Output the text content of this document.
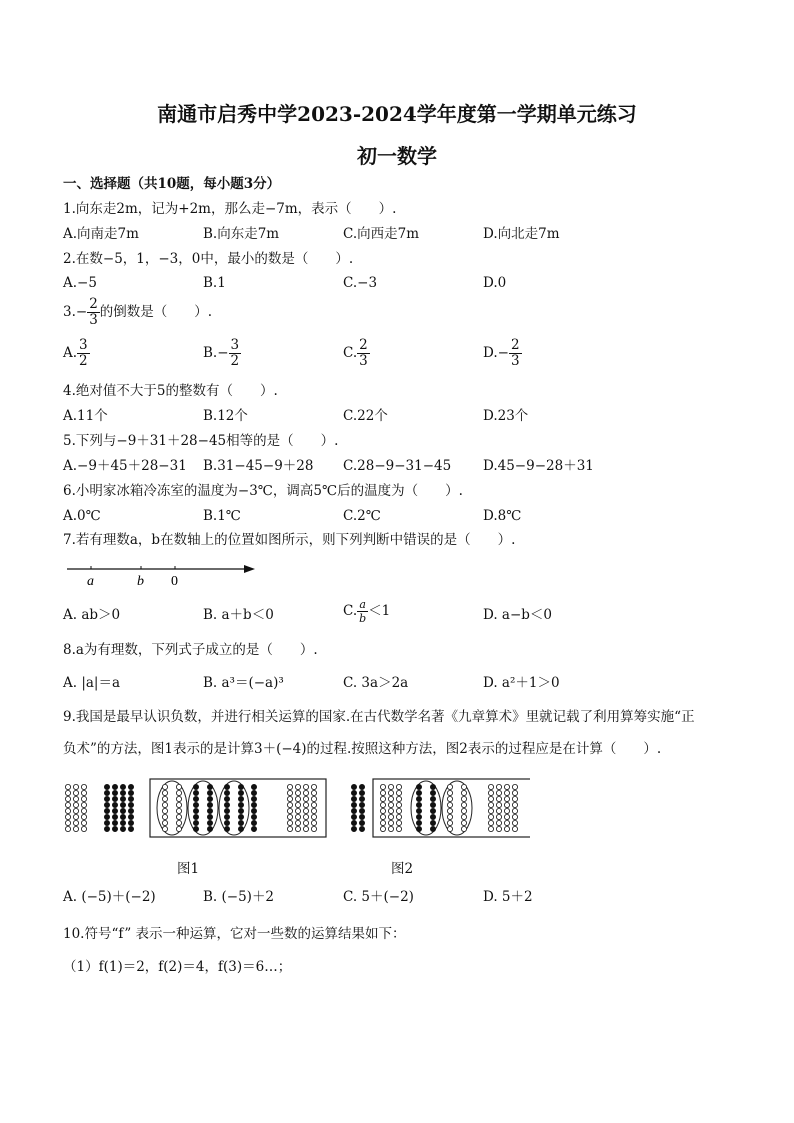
南通市启秀中学2023-2024学年度第一学期单元练习
初一数学
一、选择题（共10题，每小题3分）
1.向东走2m，记为+2m，那么走−7m，表示（　　）.
A.向南走7m	B.向东走7m	C.向西走7m	D.向北走7m
2.在数−5，1，−3，0中，最小的数是（　　）.
A.−5	B.1	C.−3	D.0
$3.- \frac{2}{3}$ 的倒数是（　　）.
A. $\frac{3}{2}$	$B.- \frac{3}{2}$	C. $\frac{2}{3}$	$D.- \frac{2}{3}$
4.绝对值不大于5的整数有（　　）.
A.11个	B.12个	C.22个	D.23个
5.下列与−9＋31＋28−45相等的是（　　）.
A.−9＋45＋28−31 B.31−45−9＋28 C.28−9−31−45 D.45−9−28＋31
6.小明家冰箱冷冻室的温度为−3℃，调高5℃后的温度为（　　）.
A.0℃	B.1℃	C.2℃	D.8℃
7.若有理数a，b在数轴上的位置如图所示，则下列判断中错误的是（　　）.
a	b 0
A. ab＞0	B. a＋b＜0	C. $\frac{a}{b} <1$	D. a−b＜0
8.a为有理数，下列式子成立的是（　　）.
A. |a|＝a	B. a³＝(−a)³	C. 3a＞2a	D. a²＋1＞0
9.我国是最早认识负数，并进行相关运算的国家.在古代数学名著《九章算术》里就记载了利用算筹实施“正
负术”的方法，图1表示的是计算3＋(−4)的过程.按照这种方法，图2表示的过程应是在计算（　　）.
图1	图2
A. (−5)＋(−2)	B. (−5)＋2	C. 5＋(−2)	D. 5＋2
10.符号“f” 表示一种运算，它对一些数的运算结果如下：
（1）f(1)＝2，f(2)＝4，f(3)＝6…；
